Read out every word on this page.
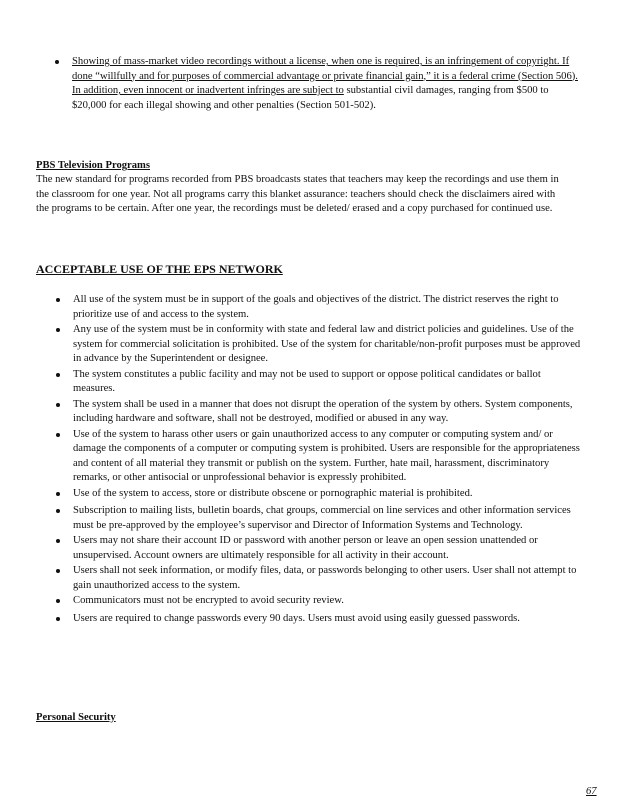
Showing of mass-market video recordings without a license, when one is required, is an infringement of copyright. If done “willfully and for purposes of commercial advantage or private financial gain,” it is a federal crime (Section 506). In addition, even innocent or inadvertent infringes are subject to substantial civil damages, ranging from $500 to $20,000 for each illegal showing and other penalties (Section 501-502).
PBS Television Programs
The new standard for programs recorded from PBS broadcasts states that teachers may keep the recordings and use them in the classroom for one year. Not all programs carry this blanket assurance: teachers should check the disclaimers aired with the programs to be certain. After one year, the recordings must be deleted/ erased and a copy purchased for continued use.
ACCEPTABLE USE OF THE EPS NETWORK
All use of the system must be in support of the goals and objectives of the district. The district reserves the right to prioritize use of and access to the system.
Any use of the system must be in conformity with state and federal law and district policies and guidelines. Use of the system for commercial solicitation is prohibited. Use of the system for charitable/non-profit purposes must be approved in advance by the Superintendent or designee.
The system constitutes a public facility and may not be used to support or oppose political candidates or ballot measures.
The system shall be used in a manner that does not disrupt the operation of the system by others. System components, including hardware and software, shall not be destroyed, modified or abused in any way.
Use of the system to harass other users or gain unauthorized access to any computer or computing system and/ or damage the components of a computer or computing system is prohibited. Users are responsible for the appropriateness and content of all material they transmit or publish on the system. Further, hate mail, harassment, discriminatory remarks, or other antisocial or unprofessional behavior is expressly prohibited.
Use of the system to access, store or distribute obscene or pornographic material is prohibited.
Subscription to mailing lists, bulletin boards, chat groups, commercial on line services and other information services must be pre-approved by the employee’s supervisor and Director of Information Systems and Technology.
Users may not share their account ID or password with another person or leave an open session unattended or unsupervised. Account owners are ultimately responsible for all activity in their account.
Users shall not seek information, or modify files, data, or passwords belonging to other users. User shall not attempt to gain unauthorized access to the system.
Communicators must not be encrypted to avoid security review.
Users are required to change passwords every 90 days. Users must avoid using easily guessed passwords.
Personal Security
67
